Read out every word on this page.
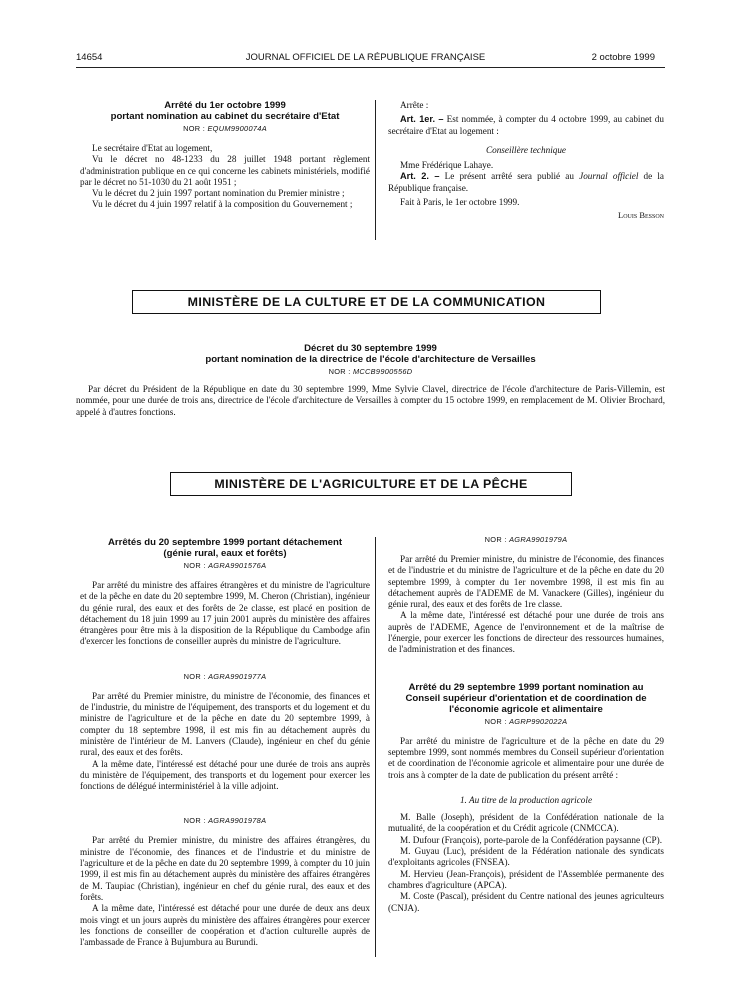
14654	JOURNAL OFFICIEL DE LA RÉPUBLIQUE FRANÇAISE	2 octobre 1999
Arrêté du 1er octobre 1999
portant nomination au cabinet du secrétaire d'Etat
NOR : EQUM9900074A

Le secrétaire d'Etat au logement,

Vu le décret no 48-1233 du 28 juillet 1948 portant règlement d'administration publique en ce qui concerne les cabinets ministériels, modifié par le décret no 51-1030 du 21 août 1951 ;

Vu le décret du 2 juin 1997 portant nomination du Premier ministre ;

Vu le décret du 4 juin 1997 relatif à la composition du Gouvernement ;

Arrête :

Art. 1er. – Est nommée, à compter du 4 octobre 1999, au cabinet du secrétaire d'Etat au logement :

Conseillère technique

Mme Frédérique Lahaye.

Art. 2. – Le présent arrêté sera publié au Journal officiel de la République française.

Fait à Paris, le 1er octobre 1999.

Louis Besson

MINISTÈRE DE LA CULTURE ET DE LA COMMUNICATION
Décret du 30 septembre 1999
portant nomination de la directrice de l'école d'architecture de Versailles
NOR : MCCB9900556D

Par décret du Président de la République en date du 30 septembre 1999, Mme Sylvie Clavel, directrice de l'école d'architecture de Paris-Villemin, est nommée, pour une durée de trois ans, directrice de l'école d'architecture de Versailles à compter du 15 octobre 1999, en remplacement de M. Olivier Brochard, appelé à d'autres fonctions.

MINISTÈRE DE L'AGRICULTURE ET DE LA PÊCHE
Arrêtés du 20 septembre 1999 portant détachement
(génie rural, eaux et forêts)
NOR : AGRA9901576A

Par arrêté du ministre des affaires étrangères et du ministre de l'agriculture et de la pêche en date du 20 septembre 1999, M. Cheron (Christian), ingénieur du génie rural, des eaux et des forêts de 2e classe, est placé en position de détachement du 18 juin 1999 au 17 juin 2001 auprès du ministère des affaires étrangères pour être mis à la disposition de la République du Cambodge afin d'exercer les fonctions de conseiller auprès du ministre de l'agriculture.

NOR : AGRA9901977A

Par arrêté du Premier ministre, du ministre de l'économie, des finances et de l'industrie, du ministre de l'équipement, des transports et du logement et du ministre de l'agriculture et de la pêche en date du 20 septembre 1999, à compter du 18 septembre 1998, il est mis fin au détachement auprès du ministère de l'intérieur de M. Lanvers (Claude), ingénieur en chef du génie rural, des eaux et des forêts.

A la même date, l'intéressé est détaché pour une durée de trois ans auprès du ministère de l'équipement, des transports et du logement pour exercer les fonctions de délégué interministériel à la ville adjoint.

NOR : AGRA9901978A

Par arrêté du Premier ministre, du ministre des affaires étrangères, du ministre de l'économie, des finances et de l'industrie et du ministre de l'agriculture et de la pêche en date du 20 septembre 1999, à compter du 10 juin 1999, il est mis fin au détachement auprès du ministère des affaires étrangères de M. Taupiac (Christian), ingénieur en chef du génie rural, des eaux et des forêts.

A la même date, l'intéressé est détaché pour une durée de deux ans deux mois vingt et un jours auprès du ministère des affaires étrangères pour exercer les fonctions de conseiller de coopération et d'action culturelle auprès de l'ambassade de France à Bujumbura au Burundi.

NOR : AGRA9901979A

Par arrêté du Premier ministre, du ministre de l'économie, des finances et de l'industrie et du ministre de l'agriculture et de la pêche en date du 20 septembre 1999, à compter du 1er novembre 1998, il est mis fin au détachement auprès de l'ADEME de M. Vanackere (Gilles), ingénieur du génie rural, des eaux et des forêts de 1re classe.

A la même date, l'intéressé est détaché pour une durée de trois ans auprès de l'ADEME, Agence de l'environnement et de la maîtrise de l'énergie, pour exercer les fonctions de directeur des ressources humaines, de l'administration et des finances.

Arrêté du 29 septembre 1999 portant nomination au
Conseil supérieur d'orientation et de coordination de
l'économie agricole et alimentaire
NOR : AGRP9902022A

Par arrêté du ministre de l'agriculture et de la pêche en date du 29 septembre 1999, sont nommés membres du Conseil supérieur d'orientation et de coordination de l'économie agricole et alimentaire pour une durée de trois ans à compter de la date de publication du présent arrêté :

1. Au titre de la production agricole

M. Balle (Joseph), président de la Confédération nationale de la mutualité, de la coopération et du Crédit agricole (CNMCCA).

M. Dufour (François), porte-parole de la Confédération paysanne (CP).

M. Guyau (Luc), président de la Fédération nationale des syndicats d'exploitants agricoles (FNSEA).

M. Hervieu (Jean-François), président de l'Assemblée permanente des chambres d'agriculture (APCA).

M. Coste (Pascal), président du Centre national des jeunes agriculteurs (CNJA).
